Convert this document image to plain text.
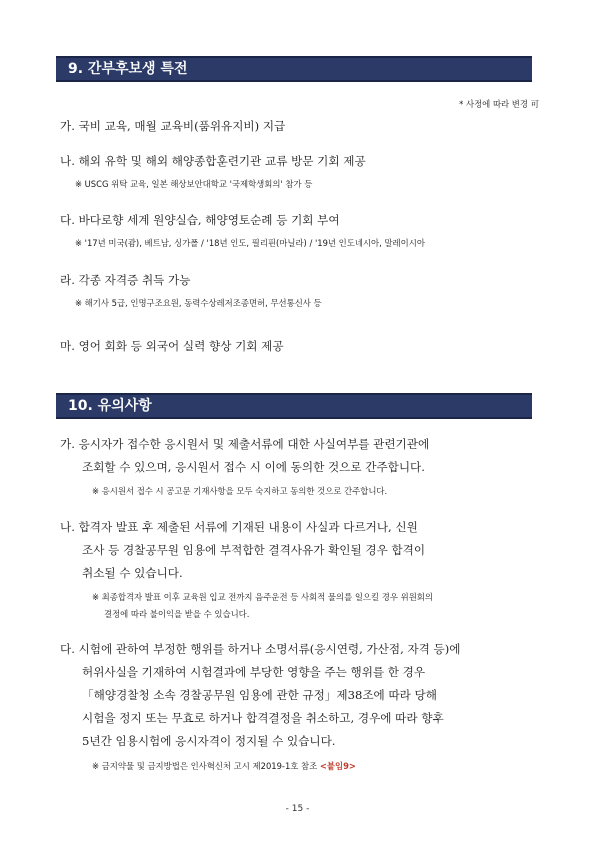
9. 간부후보생 특전
* 사정에 따라 변경 可
가. 국비 교육, 매월 교육비(품위유지비) 지급
나. 해외 유학 및 해외 해양종합훈련기관 교류 방문 기회 제공
※ USCG 위탁 교육, 일본 해상보안대학교 '국제학생회의' 참가 등
다. 바다로향 세계 원양실습, 해양영토순례 등 기회 부여
※ '17년 미국(괌), 베트남, 싱가폴 / '18년 인도, 필리핀(마닐라) / '19년 인도네시아, 말레이시아
라. 각종 자격증 취득 가능
※ 해기사 5급, 인명구조요원, 동력수상레저조종면허, 무선통신사 등
마. 영어 회화 등 외국어 실력 향상 기회 제공
10. 유의사항
가. 응시자가 접수한 응시원서 및 제출서류에 대한 사실여부를 관련기관에
조회할 수 있으며, 응시원서 접수 시 이에 동의한 것으로 간주합니다.
※ 응시원서 접수 시 공고문 기재사항을 모두 숙지하고 동의한 것으로 간주합니다.
나. 합격자 발표 후 제출된 서류에 기재된 내용이 사실과 다르거나, 신원
조사 등 경찰공무원 임용에 부적합한 결격사유가 확인될 경우 합격이
취소될 수 있습니다.
※ 최종합격자 발표 이후 교육원 입교 전까지 음주운전 등 사회적 물의를 일으킬 경우 위원회의
결정에 따라 불이익을 받을 수 있습니다.
다. 시험에 관하여 부정한 행위를 하거나 소명서류(응시연령, 가산점, 자격 등)에
허위사실을 기재하여 시험결과에 부당한 영향을 주는 행위를 한 경우
「해양경찰청 소속 경찰공무원 임용에 관한 규정」제38조에 따라 당해
시험을 정지 또는 무효로 하거나 합격결정을 취소하고, 경우에 따라 향후
5년간 임용시험에 응시자격이 정지될 수 있습니다.
※ 금지약물 및 금지방법은 인사혁신처 고시 제2019-1호 참조 <붙임9>
- 15 -
